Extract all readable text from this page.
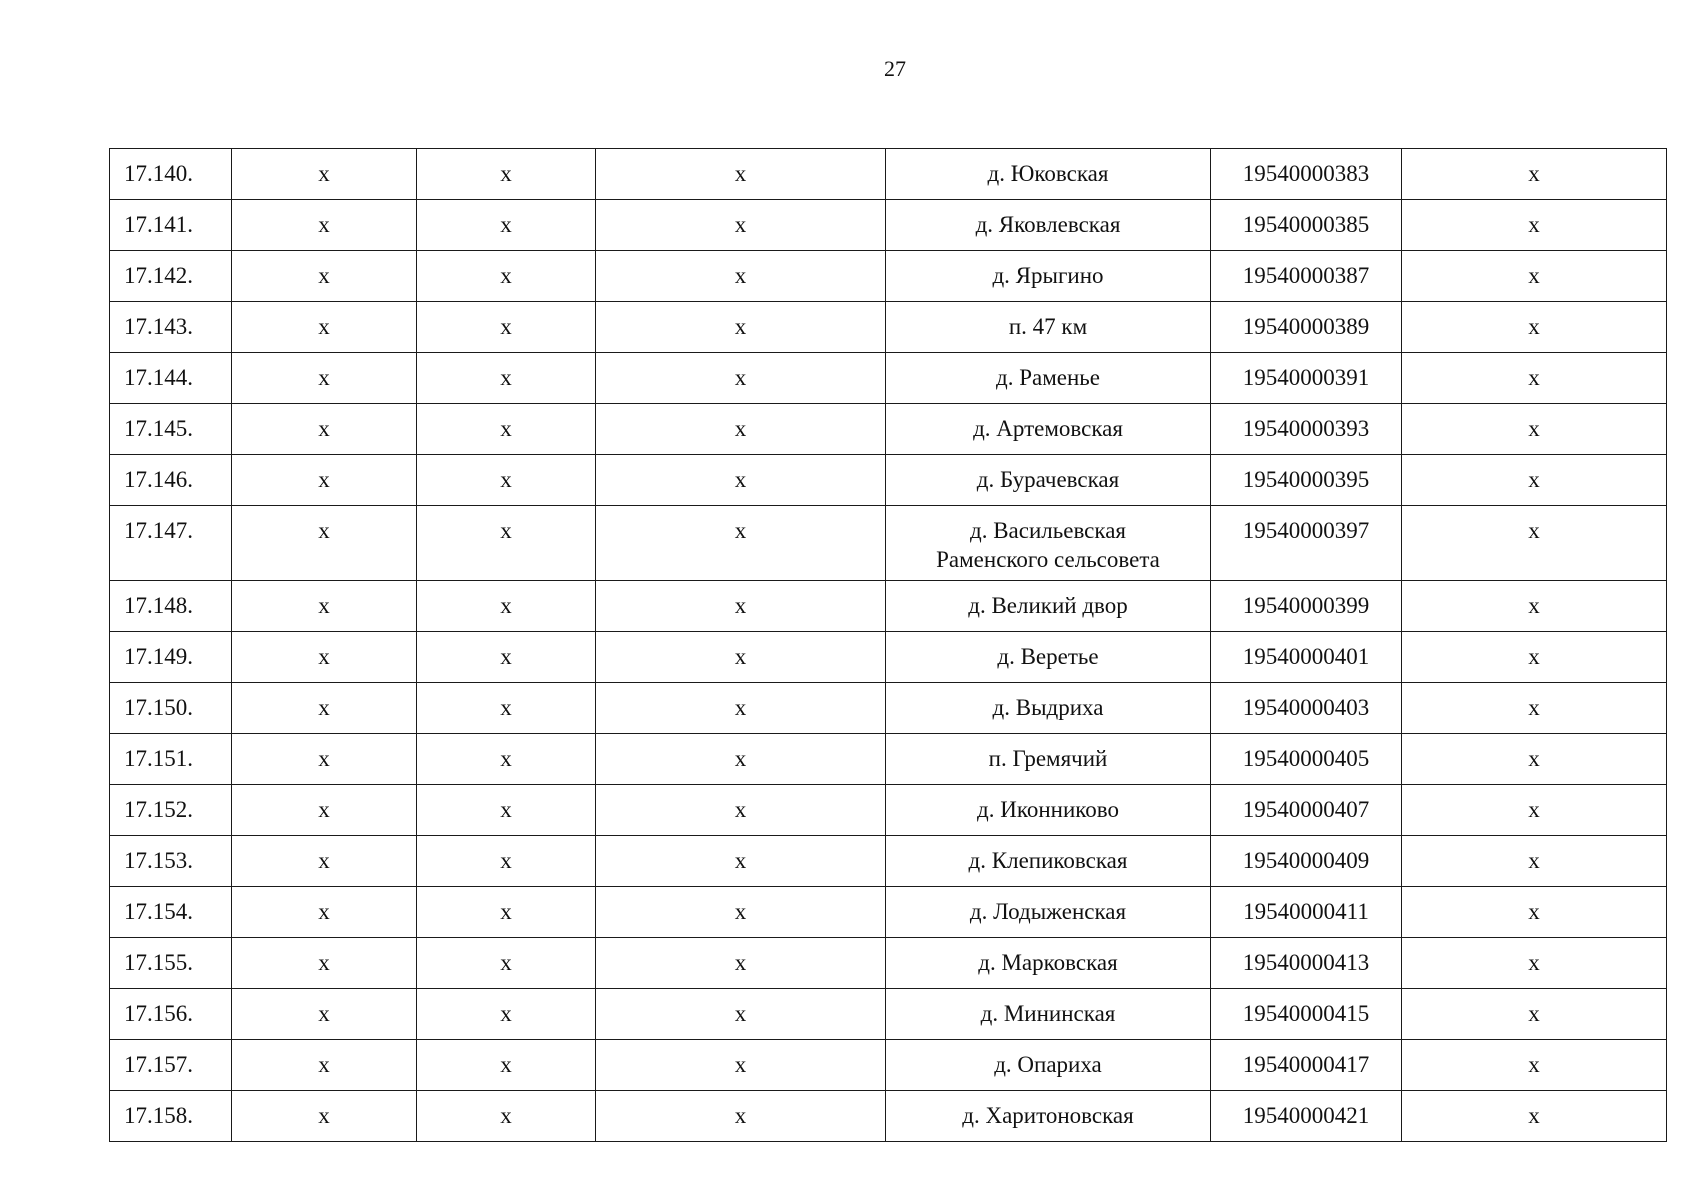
27
17.140.	х	х	х	д. Юковская	19540000383	х

17.141.	х	х	х	д. Яковлевская	19540000385	х

17.142.	х	х	х	д. Ярыгино	19540000387	х

17.143.	х	х	х	п. 47 км	19540000389	х

17.144.	х	х	х	д. Раменье	19540000391	х

17.145.	х	х	х	д. Артемовская	19540000393	х

17.146.	х	х	х	д. Бурачевская	19540000395	х

17.147.	х	х	х	д. Васильевская
Раменского сельсовета	19540000397	х

17.148.	х	х	х	д. Великий двор	19540000399	х

17.149.	х	х	х	д. Веретье	19540000401	х

17.150.	х	х	х	д. Выдриха	19540000403	х

17.151.	х	х	х	п. Гремячий	19540000405	х

17.152.	х	х	х	д. Иконниково	19540000407	х

17.153.	х	х	х	д. Клепиковская	19540000409	х

17.154.	х	х	х	д. Лодыженская	19540000411	х

17.155.	х	х	х	д. Марковская	19540000413	х

17.156.	х	х	х	д. Мининская	19540000415	х

17.157.	х	х	х	д. Опариха	19540000417	х

17.158.	х	х	х	д. Харитоновская	19540000421	х
